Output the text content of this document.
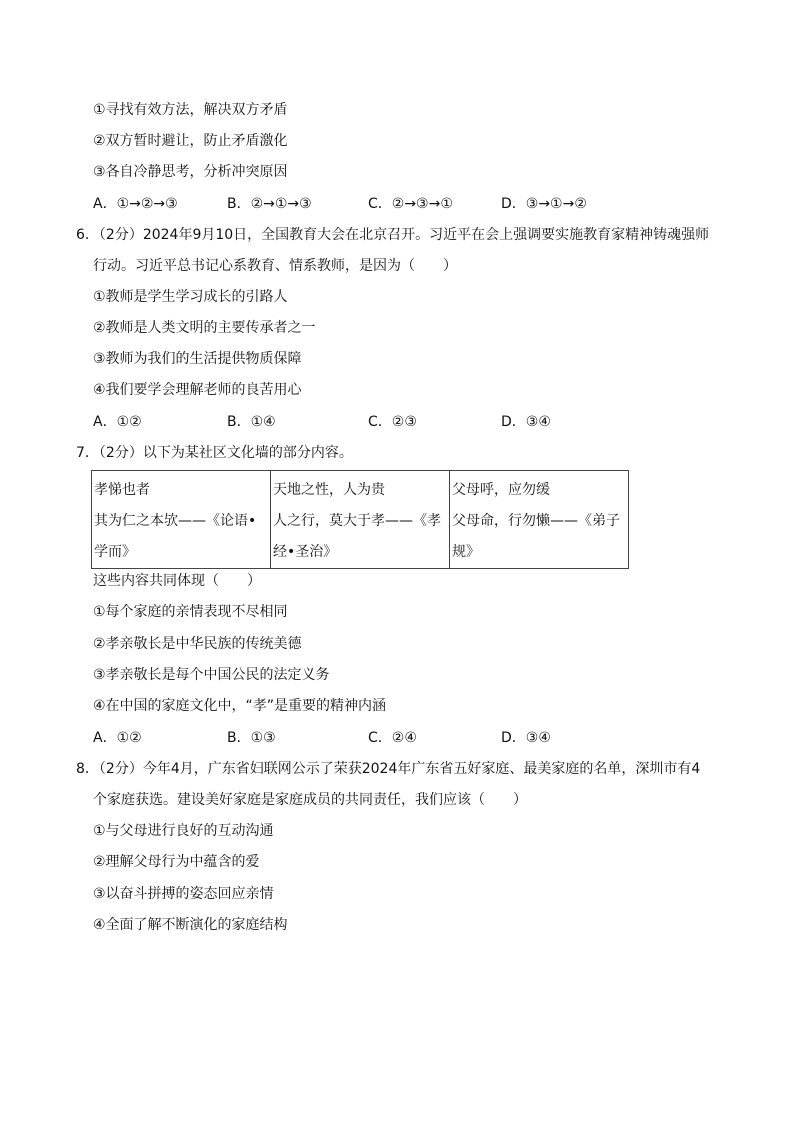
①寻找有效方法，解决双方矛盾
②双方暂时避让，防止矛盾激化
③各自冷静思考，分析冲突原因
A．①→②→③	B．②→①→③	C．②→③→①	D．③→①→②
6．（2分）2024年9月10日，全国教育大会在北京召开。习近平在会上强调要实施教育家精神铸魂强师
行动。习近平总书记心系教育、情系教师，是因为（　　）
①教师是学生学习成长的引路人
②教师是人类文明的主要传承者之一
③教师为我们的生活提供物质保障
④我们要学会理解老师的良苦用心
A．①②	B．①④	C．②③	D．③④
7．（2分）以下为某社区文化墙的部分内容。
孝悌也者
其为仁之本欤——《论语•
学而》

天地之性，人为贵
人之行，莫大于孝——《孝
经•圣治》

父母呼，应勿缓
父母命，行勿懒——《弟子
规》
这些内容共同体现（　　）
①每个家庭的亲情表现不尽相同
②孝亲敬长是中华民族的传统美德
③孝亲敬长是每个中国公民的法定义务
④在中国的家庭文化中，“孝”是重要的精神内涵
A．①②	B．①③	C．②④	D．③④
8．（2分）今年4月，广东省妇联网公示了荣获2024年广东省五好家庭、最美家庭的名单，深圳市有4
个家庭获选。建设美好家庭是家庭成员的共同责任，我们应该（　　）
①与父母进行良好的互动沟通
②理解父母行为中蕴含的爱
③以奋斗拼搏的姿态回应亲情
④全面了解不断演化的家庭结构
